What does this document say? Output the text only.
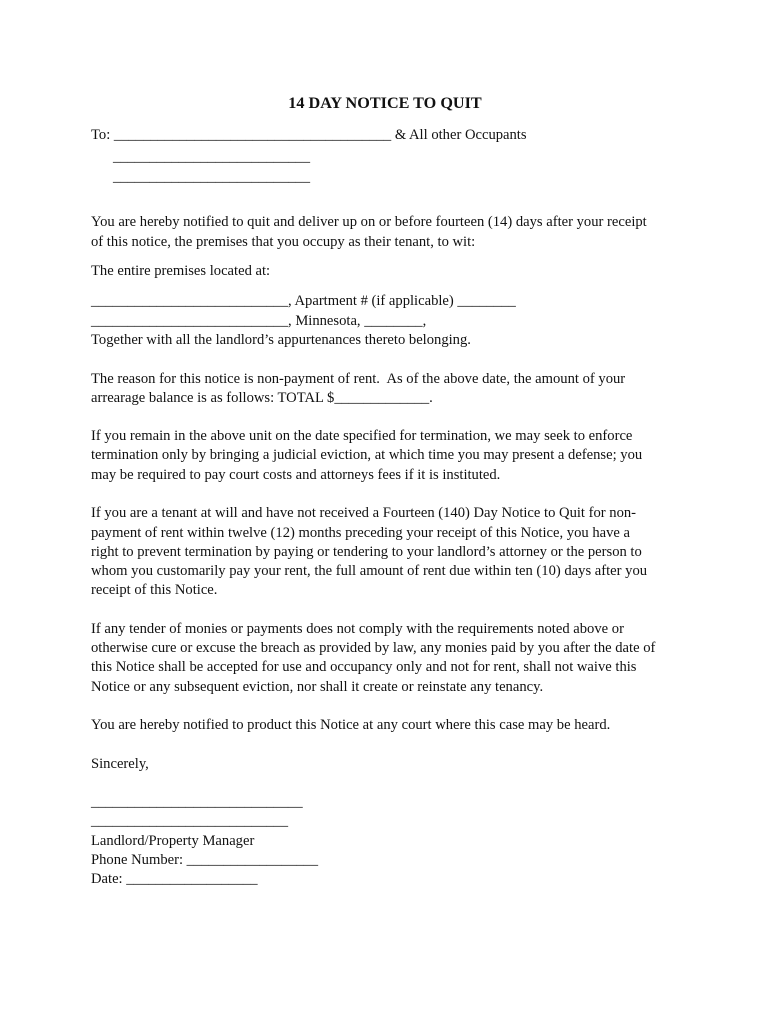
14 DAY NOTICE TO QUIT
To: ______________________________________ & All other Occupants
___________________________
___________________________
You are hereby notified to quit and deliver up on or before fourteen (14) days after your receipt
of this notice, the premises that you occupy as their tenant, to wit:
The entire premises located at:
___________________________, Apartment # (if applicable) ________
___________________________, Minnesota, ________,
Together with all the landlord’s appurtenances thereto belonging.
The reason for this notice is non-payment of rent.  As of the above date, the amount of your
arrearage balance is as follows: TOTAL $_____________.
If you remain in the above unit on the date specified for termination, we may seek to enforce
termination only by bringing a judicial eviction, at which time you may present a defense; you
may be required to pay court costs and attorneys fees if it is instituted.
If you are a tenant at will and have not received a Fourteen (140) Day Notice to Quit for non-
payment of rent within twelve (12) months preceding your receipt of this Notice, you have a
right to prevent termination by paying or tendering to your landlord’s attorney or the person to
whom you customarily pay your rent, the full amount of rent due within ten (10) days after you
receipt of this Notice.
If any tender of monies or payments does not comply with the requirements noted above or
otherwise cure or excuse the breach as provided by law, any monies paid by you after the date of
this Notice shall be accepted for use and occupancy only and not for rent, shall not waive this
Notice or any subsequent eviction, nor shall it create or reinstate any tenancy.
You are hereby notified to product this Notice at any court where this case may be heard.
Sincerely,
_____________________________
___________________________
Landlord/Property Manager
Phone Number: __________________
Date: __________________
